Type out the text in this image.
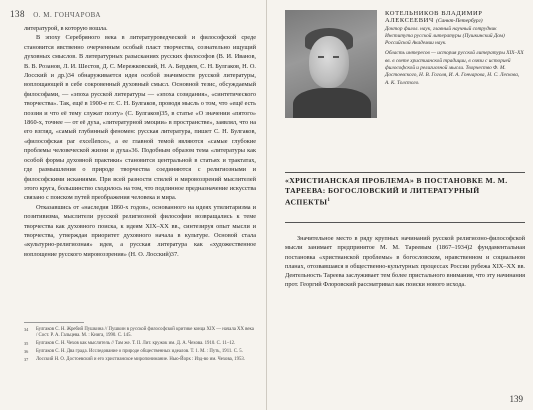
138 О. М. ГОНЧАРОВА

литературой, в которую вошла.

В эпоху Серебряного века в литературоведческой и философской среде становится явственно очерченным особый пласт творчества, сознательно ищущий духовных смыслов. В литературных разысканиях русских философов (В. И. Иванов, В. В. Розанов, Л. И. Шестов, Д. С. Мережковский, Н. А. Бердяев, С. Н. Булгаков, Н. О. Лосский и др.)34 обнаруживается идея особой значимости русской литературы, воплощающей в себе сокровенный духовный смысл. Основной тезис, обсуждаемый философами, — «эпоха русской литературы — «эпоха созидания», «синтетического творчества». Так, ещё в 1900-е гг. С. Н. Булгаков, проводя мысль о том, что «ещё есть поэзия и что её тему служат поэту» (С. Булгаков)35, в статье «О значении «пятого» 1860-х, точнее — от её духа, «литературной эмоции» в пространстве», заявлял, что на его взгляд, «самый глубинный феномен: русская литература, пишет С. Н. Булгаков, «философская par excellence», а ее главной темой являются «самые глубокие проблемы человеческой жизни и духа»36. Подобным образом тема «литературы как особой формы духовной практики» становится центральной в статьях и трактатах, где размышления о природе творчества соединяются с религиозными и философскими исканиями. При всей разности стилей и мировоззрений мыслителей этого круга, большинство сходилось на том, что подлинное предназначение искусства связано с поиском путей преображения человека и мира.

Отказавшись от «наследия 1860-х годов», основанного на идеях утилитаризма и позитивизма, мыслители русской религиозной философии возвращались к теме творчества как духовного поиска, к идеям XIX–XX вв., синтезируя опыт мысли и творчества, утверждая приоритет духовного начала в культуре. Основой стала «культурно-религиозная» идея, а русская литература как «художественное воплощение русского мировоззрения» (Н. О. Лосский)37.

34	Булгаков С. Н. Жребий Пушкина // Пушкин в русской философской критике конца XIX — начала XX века / Сост. Р. А. Гальцева. М. : Книга, 1990. С. 145.
35	Булгаков С. Н. Чехов как мыслитель // Там же. Т. II. Лит. кружок им. Д. А. Чехова. 1910. С. 11–12.
36	Булгаков С. Н. Два града. Исследование о природе общественных идеалов. Т. 1. М. : Путь, 1911. С. 5.
37	Лосский Н. О. Достоевский и его христианское миропонимание. Нью-Йорк : Изд-во им. Чехова, 1953.
КОТЕЛЬНИКОВ ВЛАДИМИР АЛЕКСЕЕВИЧ (Санкт-Петербург)
Доктор филол. наук, главный научный сотрудник Института русской литературы (Пушкинский Дом) Российской Академии наук.
Область интересов — история русской литературы XIX–XX вв. в свете христианской традиции, в связи с историей философской и религиозной мысли. Творчество Ф. М. Достоевского, Н. В. Гоголя, И. А. Гончарова, Н. С. Лескова, А. К. Толстого.
«ХРИСТИАНСКАЯ ПРОБЛЕМА» В ПОСТАНОВКЕ М. М. ТАРЕЕВА: БОГОСЛОВСКИЙ И ЛИТЕРАТУРНЫЙ АСПЕКТЫ$^1$

Значительное место в ряду крупных начинаний русской религиозно-философской мысли занимает предпринятое М. М. Тареевым (1867–1934)2 фундаментальная постановка «христианской проблемы» в богословском, нравственном и социальном планах, отозвавшаяся в общественно-культурных процессах России рубежа XIX–XX вв. Деятельность Тареева заслуживает тем более пристального внимания, что эту начинания прот. Георгий Флоровский рассматривал как поиски нового исхода.

139
